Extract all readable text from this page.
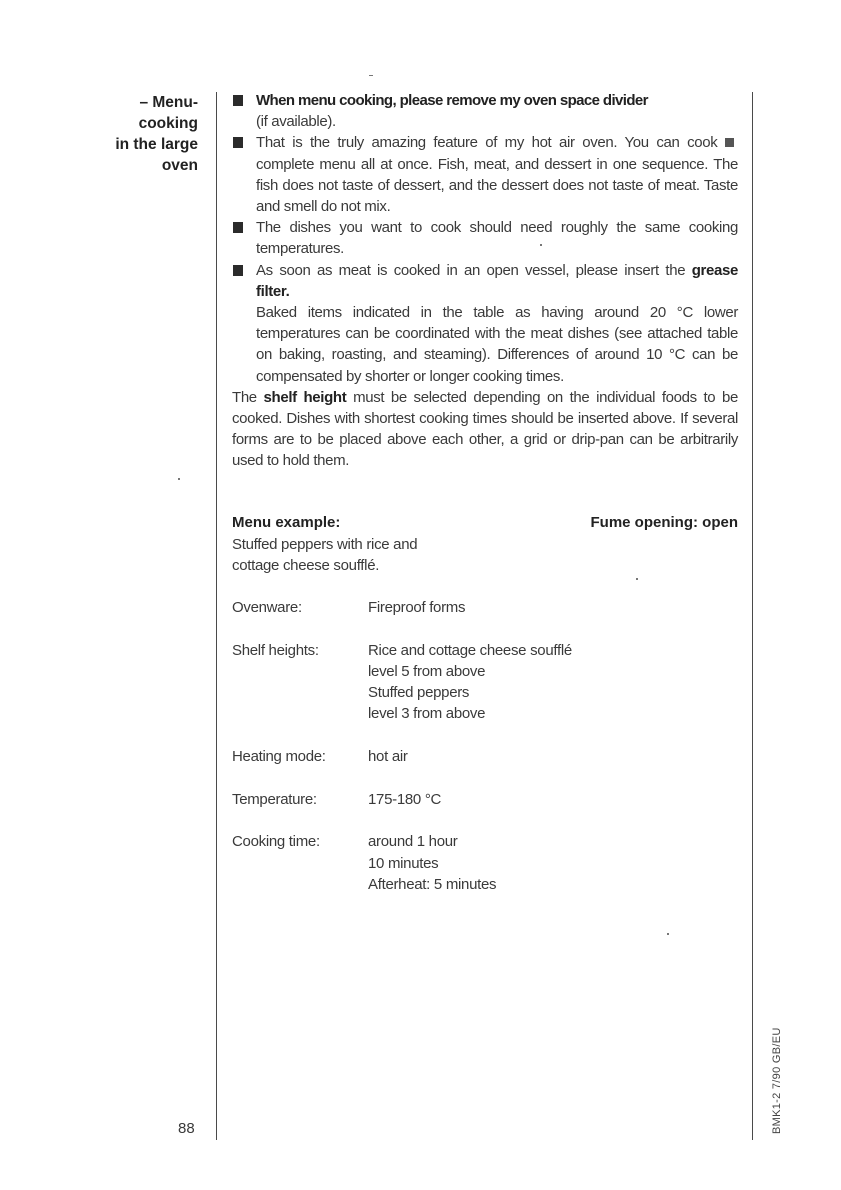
– Menu-
cooking
in the large
oven
When menu cooking, please remove my oven space divider
(if available).
That is the truly amazing feature of my hot air oven. You can cook complete menu all at once. Fish, meat, and dessert in one sequence. The fish does not taste of dessert, and the dessert does not taste of meat. Taste and smell do not mix.
The dishes you want to cook should need roughly the same cooking temperatures.
As soon as meat is cooked in an open vessel, please insert the grease filter.
Baked items indicated in the table as having around 20 °C lower temperatures can be coordinated with the meat dishes (see attached table on baking, roasting, and steaming). Differences of around 10 °C can be compensated by shorter or longer cooking times.
The shelf height must be selected depending on the individual foods to be cooked. Dishes with shortest cooking times should be inserted above. If several forms are to be placed above each other, a grid or drip-pan can be arbitrarily used to hold them.
Menu example:	Fume opening: open
Stuffed peppers with rice and
cottage cheese soufflé.
Ovenware:	Fireproof forms
Shelf heights:	Rice and cottage cheese soufflé
level 5 from above
Stuffed peppers
level 3 from above
Heating mode:	hot air
Temperature:	175-180 °C
Cooking time:	around 1 hour
10 minutes
Afterheat: 5 minutes
88	BMK1-2 7/90 GB/EU
